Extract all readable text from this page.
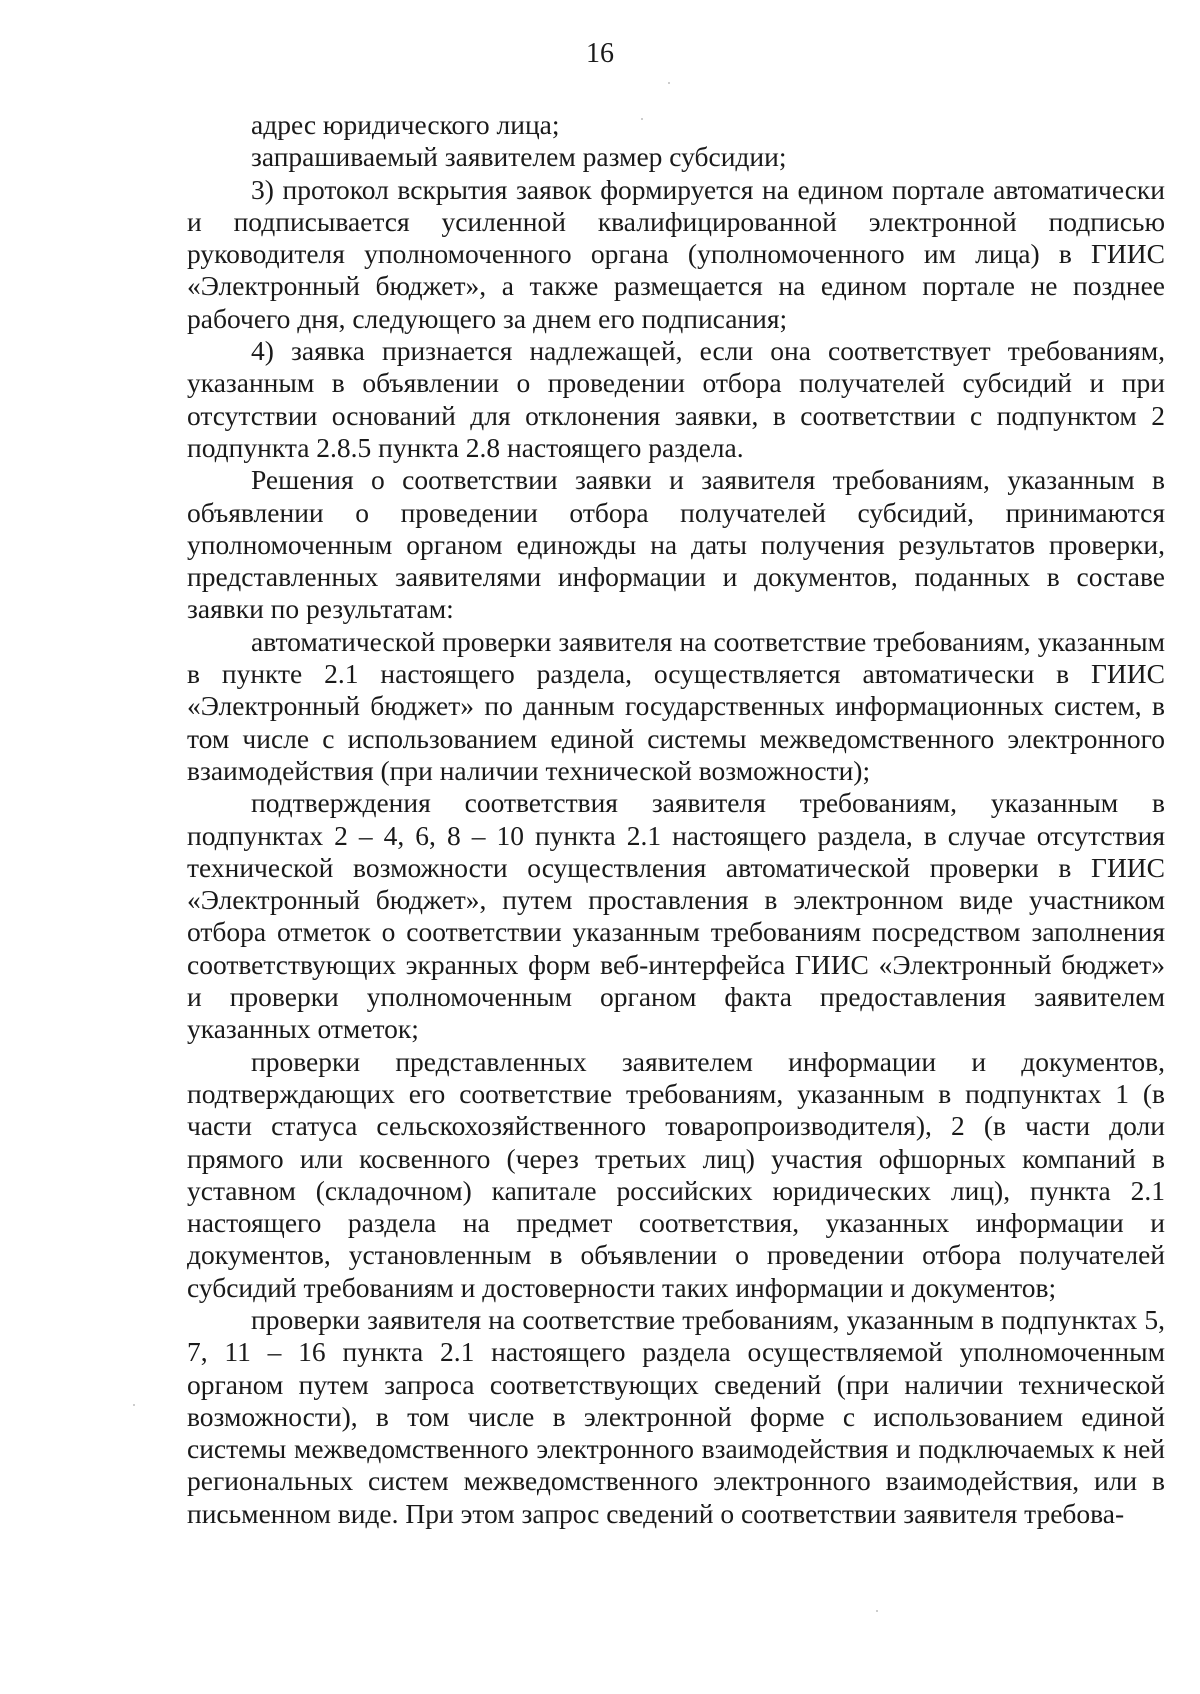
16

адрес юридического лица;

запрашиваемый заявителем размер субсидии;

3) протокол вскрытия заявок формируется на едином портале автоматически и подписывается усиленной квалифицированной электронной подписью руководителя уполномоченного органа (уполномоченного им лица) в ГИИС «Электронный бюджет», а также размещается на едином портале не позднее рабочего дня, следующего за днем его подписания;

4) заявка признается надлежащей, если она соответствует требованиям, указанным в объявлении о проведении отбора получателей субсидий и при отсутствии оснований для отклонения заявки, в соответствии с подпунктом 2 подпункта 2.8.5 пункта 2.8 настоящего раздела.

Решения о соответствии заявки и заявителя требованиям, указанным в объявлении о проведении отбора получателей субсидий, принимаются уполномоченным органом единожды на даты получения результатов проверки, представленных заявителями информации и документов, поданных в составе заявки по результатам:

автоматической проверки заявителя на соответствие требованиям, указанным в пункте 2.1 настоящего раздела, осуществляется автоматически в ГИИС «Электронный бюджет» по данным государственных информационных систем, в том числе с использованием единой системы межведомственного электронного взаимодействия (при наличии технической возможности);

подтверждения соответствия заявителя требованиям, указанным в подпунктах 2 – 4, 6, 8 – 10 пункта 2.1 настоящего раздела, в случае отсутствия технической возможности осуществления автоматической проверки в ГИИС «Электронный бюджет», путем проставления в электронном виде участником отбора отметок о соответствии указанным требованиям посредством заполнения соответствующих экранных форм веб-интерфейса ГИИС «Электронный бюджет» и проверки уполномоченным органом факта предоставления заявителем указанных отметок;

проверки представленных заявителем информации и документов, подтверждающих его соответствие требованиям, указанным в подпунктах 1 (в части статуса сельскохозяйственного товаропроизводителя), 2 (в части доли прямого или косвенного (через третьих лиц) участия офшорных компаний в уставном (складочном) капитале российских юридических лиц), пункта 2.1 настоящего раздела на предмет соответствия, указанных информации и документов, установленным в объявлении о проведении отбора получателей субсидий требованиям и достоверности таких информации и документов;

проверки заявителя на соответствие требованиям, указанным в подпунктах 5, 7, 11 – 16 пункта 2.1 настоящего раздела осуществляемой уполномоченным органом путем запроса соответствующих сведений (при наличии технической возможности), в том числе в электронной форме с использованием единой системы межведомственного электронного взаимодействия и подключаемых к ней региональных систем межведомственного электронного взаимодействия, или в письменном виде. При этом запрос сведений о соответствии заявителя требова-
